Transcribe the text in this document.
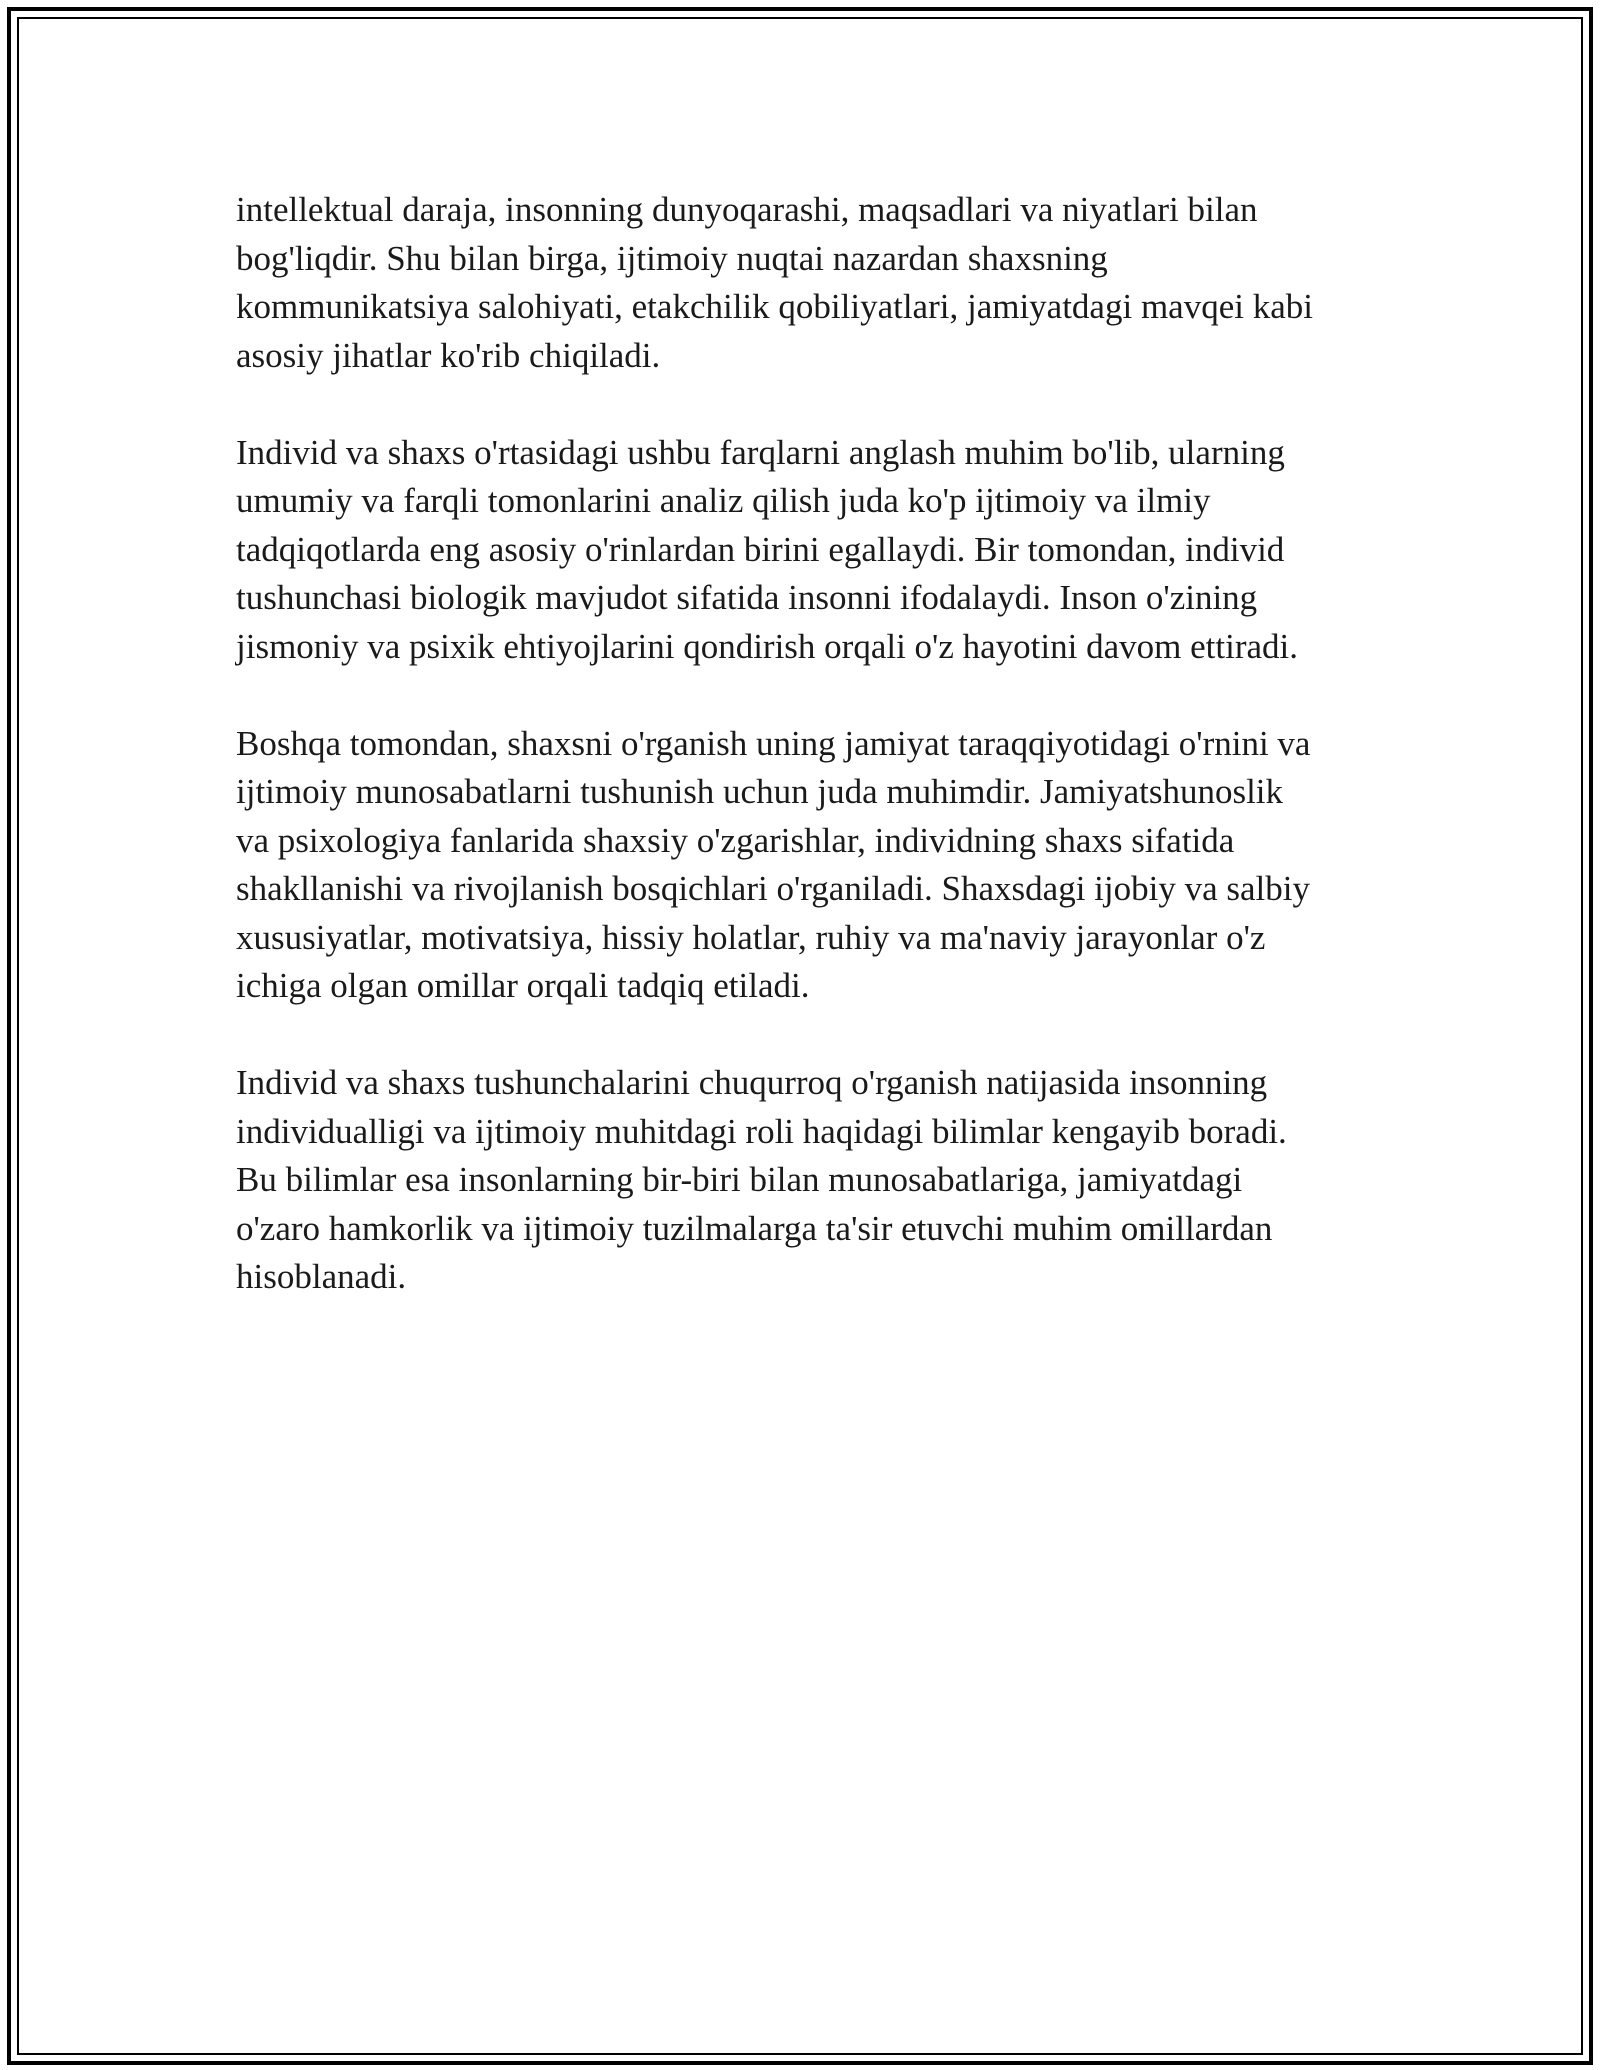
intellektual daraja, insonning dunyoqarashi, maqsadlari va niyatlari bilan
bog'liqdir. Shu bilan birga, ijtimoiy nuqtai nazardan shaxsning
kommunikatsiya salohiyati, etakchilik qobiliyatlari, jamiyatdagi mavqei kabi
asosiy jihatlar ko'rib chiqiladi.

Individ va shaxs o'rtasidagi ushbu farqlarni anglash muhim bo'lib, ularning
umumiy va farqli tomonlarini analiz qilish juda ko'p ijtimoiy va ilmiy
tadqiqotlarda eng asosiy o'rinlardan birini egallaydi. Bir tomondan, individ
tushunchasi biologik mavjudot sifatida insonni ifodalaydi. Inson o'zining
jismoniy va psixik ehtiyojlarini qondirish orqali o'z hayotini davom ettiradi.

Boshqa tomondan, shaxsni o'rganish uning jamiyat taraqqiyotidagi o'rnini va
ijtimoiy munosabatlarni tushunish uchun juda muhimdir. Jamiyatshunoslik
va psixologiya fanlarida shaxsiy o'zgarishlar, individning shaxs sifatida
shakllanishi va rivojlanish bosqichlari o'rganiladi. Shaxsdagi ijobiy va salbiy
xususiyatlar, motivatsiya, hissiy holatlar, ruhiy va ma'naviy jarayonlar o'z
ichiga olgan omillar orqali tadqiq etiladi.

Individ va shaxs tushunchalarini chuqurroq o'rganish natijasida insonning
individualligi va ijtimoiy muhitdagi roli haqidagi bilimlar kengayib boradi.
Bu bilimlar esa insonlarning bir-biri bilan munosabatlariga, jamiyatdagi
o'zaro hamkorlik va ijtimoiy tuzilmalarga ta'sir etuvchi muhim omillardan
hisoblanadi.
